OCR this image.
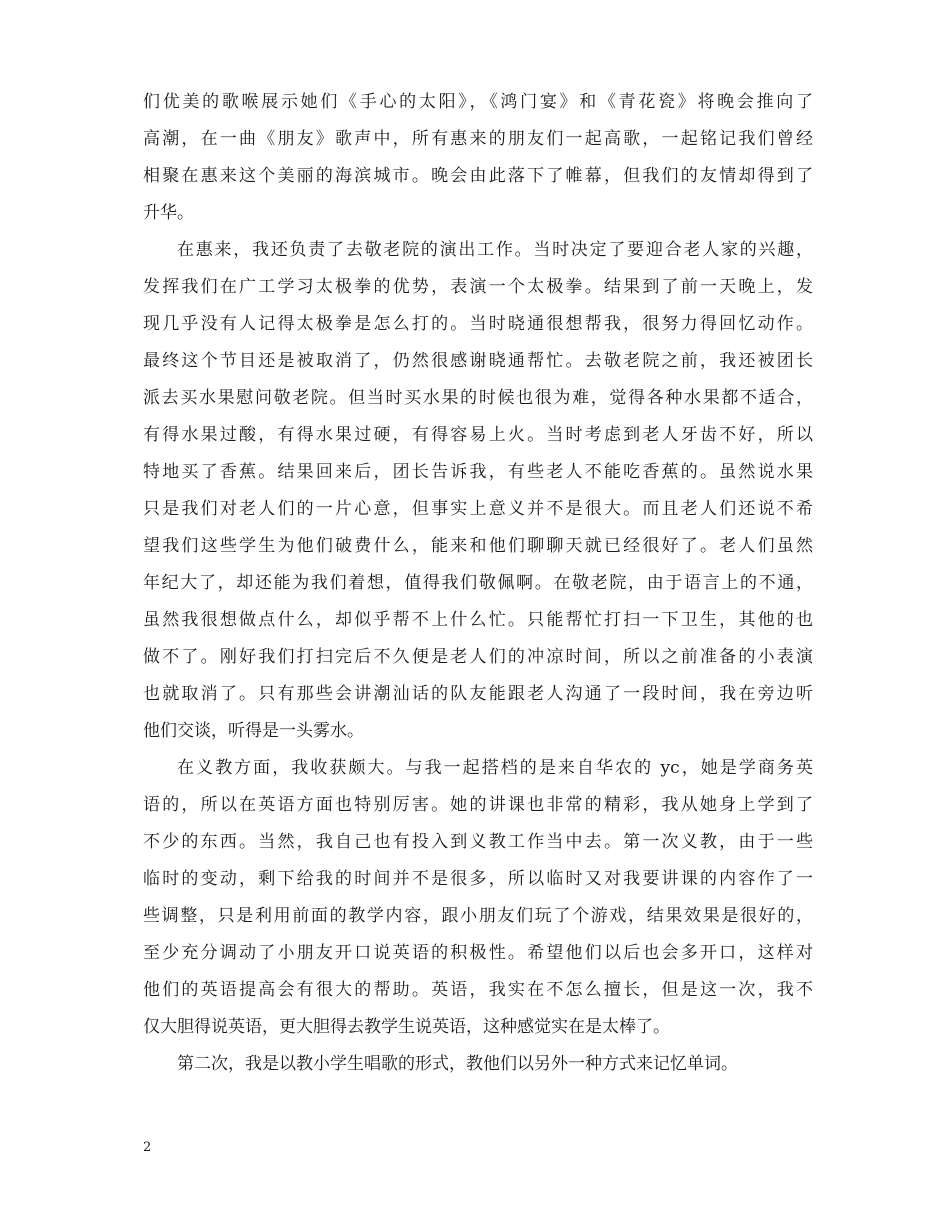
们优美的歌喉展示她们《手心的太阳》，《鸿门宴》和《青花瓷》将晚会推向了
高潮，在一曲《朋友》歌声中，所有惠来的朋友们一起高歌，一起铭记我们曾经
相聚在惠来这个美丽的海滨城市。晚会由此落下了帷幕，但我们的友情却得到了
升华。
在惠来，我还负责了去敬老院的演出工作。当时决定了要迎合老人家的兴趣，
发挥我们在广工学习太极拳的优势，表演一个太极拳。结果到了前一天晚上，发
现几乎没有人记得太极拳是怎么打的。当时晓通很想帮我，很努力得回忆动作。
最终这个节目还是被取消了，仍然很感谢晓通帮忙。去敬老院之前，我还被团长
派去买水果慰问敬老院。但当时买水果的时候也很为难，觉得各种水果都不适合，
有得水果过酸，有得水果过硬，有得容易上火。当时考虑到老人牙齿不好，所以
特地买了香蕉。结果回来后，团长告诉我，有些老人不能吃香蕉的。虽然说水果
只是我们对老人们的一片心意，但事实上意义并不是很大。而且老人们还说不希
望我们这些学生为他们破费什么，能来和他们聊聊天就已经很好了。老人们虽然
年纪大了，却还能为我们着想，值得我们敬佩啊。在敬老院，由于语言上的不通，
虽然我很想做点什么，却似乎帮不上什么忙。只能帮忙打扫一下卫生，其他的也
做不了。刚好我们打扫完后不久便是老人们的冲凉时间，所以之前准备的小表演
也就取消了。只有那些会讲潮汕话的队友能跟老人沟通了一段时间，我在旁边听
他们交谈，听得是一头雾水。
在义教方面，我收获颇大。与我一起搭档的是来自华农的 yc，她是学商务英
语的，所以在英语方面也特别厉害。她的讲课也非常的精彩，我从她身上学到了
不少的东西。当然，我自己也有投入到义教工作当中去。第一次义教，由于一些
临时的变动，剩下给我的时间并不是很多，所以临时又对我要讲课的内容作了一
些调整，只是利用前面的教学内容，跟小朋友们玩了个游戏，结果效果是很好的，
至少充分调动了小朋友开口说英语的积极性。希望他们以后也会多开口，这样对
他们的英语提高会有很大的帮助。英语，我实在不怎么擅长，但是这一次，我不
仅大胆得说英语，更大胆得去教学生说英语，这种感觉实在是太棒了。
第二次，我是以教小学生唱歌的形式，教他们以另外一种方式来记忆单词。
2
